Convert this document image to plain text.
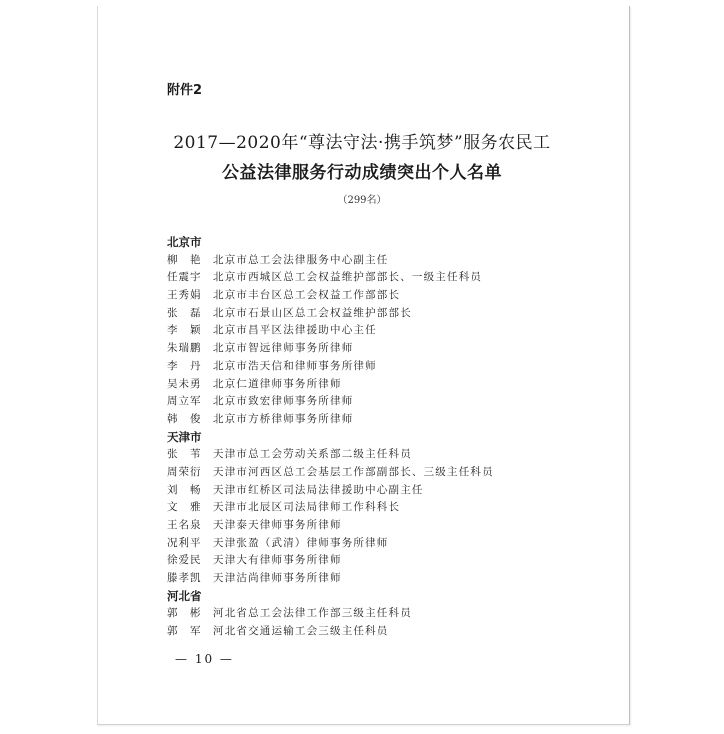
附件2
2017—2020年“尊法守法·携手筑梦”服务农民工
公益法律服务行动成绩突出个人名单
（299名）
北京市
柳　艳 北京市总工会法律服务中心副主任
任震宇 北京市西城区总工会权益维护部部长、一级主任科员
王秀娟 北京市丰台区总工会权益工作部部长
张　磊 北京市石景山区总工会权益维护部部长
李　颖 北京市昌平区法律援助中心主任
朱瑞鹏 北京市智远律师事务所律师
李　丹 北京市浩天信和律师事务所律师
吴未勇 北京仁道律师事务所律师
周立军 北京市致宏律师事务所律师
韩　俊 北京市方桥律师事务所律师
天津市
张　苇 天津市总工会劳动关系部二级主任科员
周荣衍 天津市河西区总工会基层工作部副部长、三级主任科员
刘　畅 天津市红桥区司法局法律援助中心副主任
文　雅 天津市北辰区司法局律师工作科科长
王名泉 天津泰天律师事务所律师
况利平 天津张盈（武清）律师事务所律师
徐爱民 天津大有律师事务所律师
滕孝凯 天津沽尚律师事务所律师
河北省
郭　彬 河北省总工会法律工作部三级主任科员
郭　军 河北省交通运输工会三级主任科员
— 10 —
